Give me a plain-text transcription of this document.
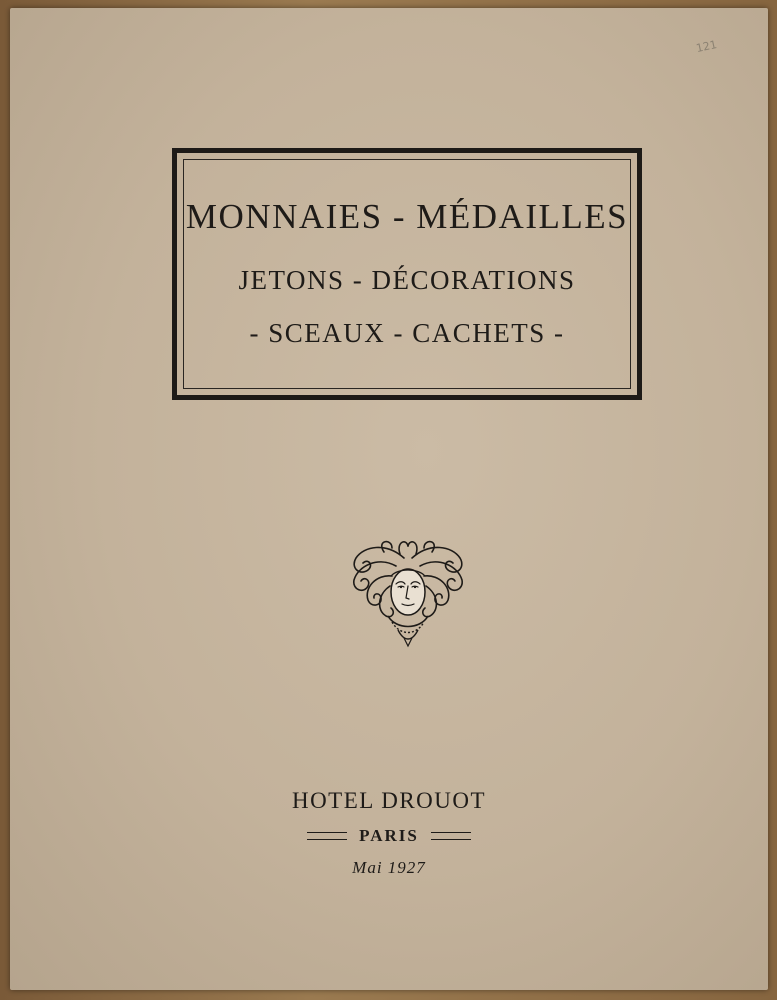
121
MONNAIES - MÉDAILLES
JETONS - DÉCORATIONS
- SCEAUX - CACHETS -
HOTEL DROUOT
PARIS
Mai 1927
